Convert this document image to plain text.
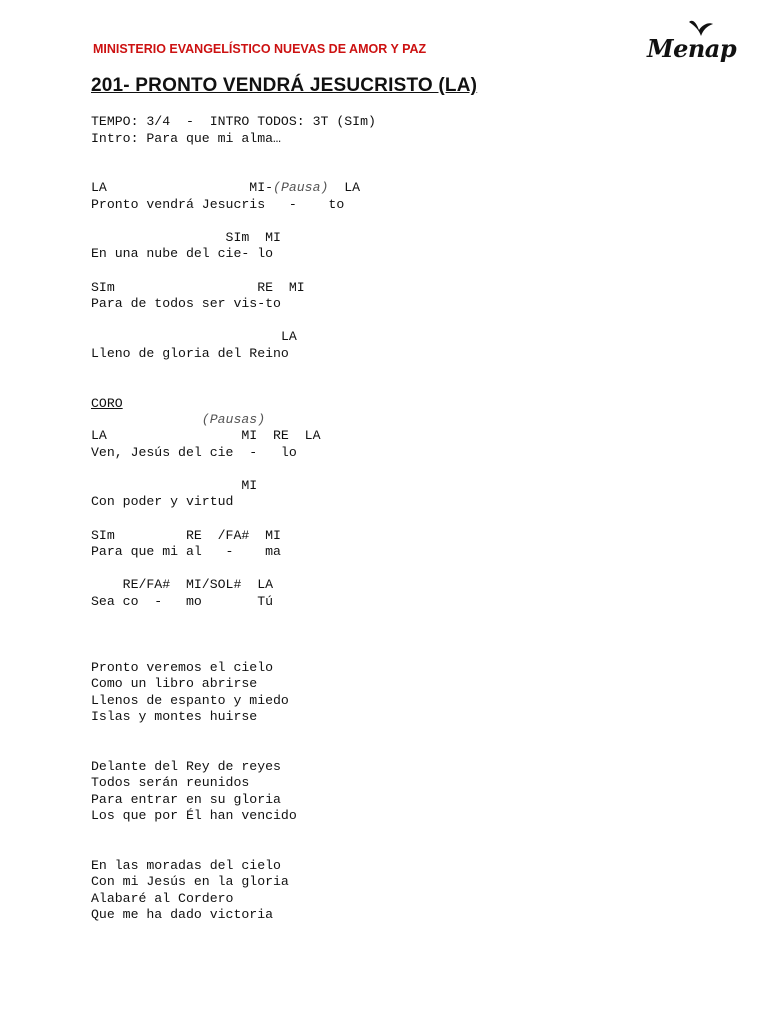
MINISTERIO EVANGELÍSTICO NUEVAS DE AMOR Y PAZ	Menap
201- PRONTO VENDRÁ JESUCRISTO (LA)
TEMPO: 3/4  -  INTRO TODOS: 3T (SIm)
Intro: Para que mi alma…
LA	MI-(Pausa) LA
Pronto vendrá Jesucris   -    to
SIm  MI
En una nube del cie- lo
SIm	RE  MI
Para de todos ser vis-to
LA
Lleno de gloria del Reino
CORO
(Pausas)
LA                 MI  RE  LA
Ven, Jesús del cie  -   lo
MI
Con poder y virtud
SIm         RE  /FA#  MI
Para que mi al   -    ma
RE/FA#  MI/SOL#  LA
Sea co  -   mo       Tú
Pronto veremos el cielo
Como un libro abrirse
Llenos de espanto y miedo
Islas y montes huirse
Delante del Rey de reyes
Todos serán reunidos
Para entrar en su gloria
Los que por Él han vencido
En las moradas del cielo
Con mi Jesús en la gloria
Alabaré al Cordero
Que me ha dado victoria
